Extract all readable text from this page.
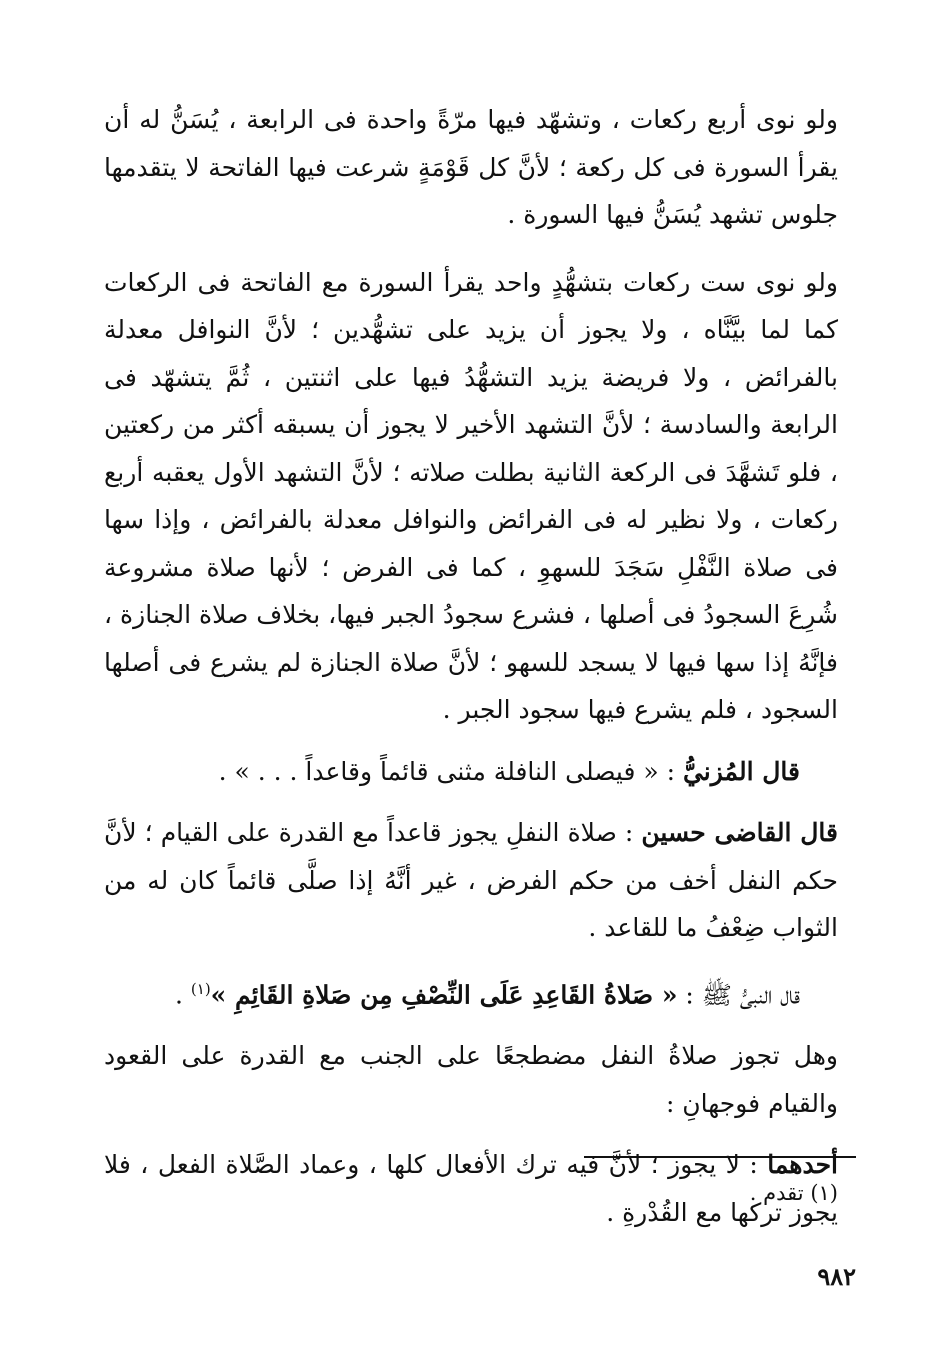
ولو نوى أربع ركعات ، وتشهّد فيها مرّةً واحدة فى الرابعة ، يُسَنُّ له أن يقرأ السورة فى كل ركعة ؛ لأنَّ كل قَوْمَةٍ شرعت فيها الفاتحة لا يتقدمها جلوس تشهد يُسَنُّ فيها السورة .

ولو نوى ست ركعات بتشهُّدٍ واحد يقرأ السورة مع الفاتحة فى الركعات كما لما بيَّنَّاه ، ولا يجوز أن يزيد على تشهُّدين ؛ لأنَّ النوافل معدلة بالفرائض ، ولا فريضة يزيد التشهُّدُ فيها على اثنتين ، ثُمَّ يتشهّد فى الرابعة والسادسة ؛ لأنَّ التشهد الأخير لا يجوز أن يسبقه أكثر من ركعتين ، فلو تَشهَّدَ فى الركعة الثانية بطلت صلاته ؛ لأنَّ التشهد الأول يعقبه أربع ركعات ، ولا نظير له فى الفرائض والنوافل معدلة بالفرائض ، وإذا سها فى صلاة النَّفْلِ سَجَدَ للسهوِ ، كما فى الفرض ؛ لأنها صلاة مشروعة شُرِعَ السجودُ فى أصلها ، فشرع سجودُ الجبر فيها، بخلاف صلاة الجنازة ، فإنَّهُ إذا سها فيها لا يسجد للسهو ؛ لأنَّ صلاة الجنازة لم يشرع فى أصلها السجود ، فلم يشرع فيها سجود الجبر .

قال المُزنيُّ : « فيصلى النافلة مثنى قائماً وقاعداً . . . » .

قال القاضى حسين : صلاة النفلِ يجوز قاعداً مع القدرة على القيام ؛ لأنَّ حكم النفل أخف من حكم الفرض ، غير أنَّهُ إذا صلَّى قائماً كان له من الثواب ضِعْفُ ما للقاعد .

قال النبىُّ ﷺ : « صَلاةُ القَاعِدِ عَلَى النِّصْفِ مِن صَلاةِ القَائِمِ »$^{(١)}$ .

وهل تجوز صلاةُ النفل مضطجعًا على الجنب مع القدرة على القعود والقيام فوجهانِ :

أحدهما : لا يجوز ؛ لأنَّ فيه ترك الأفعال كلها ، وعماد الصَّلاة الفعل ، فلا يجوز تركها مع القُدْرةِ .

(١) تقدم .
٩٨٢
